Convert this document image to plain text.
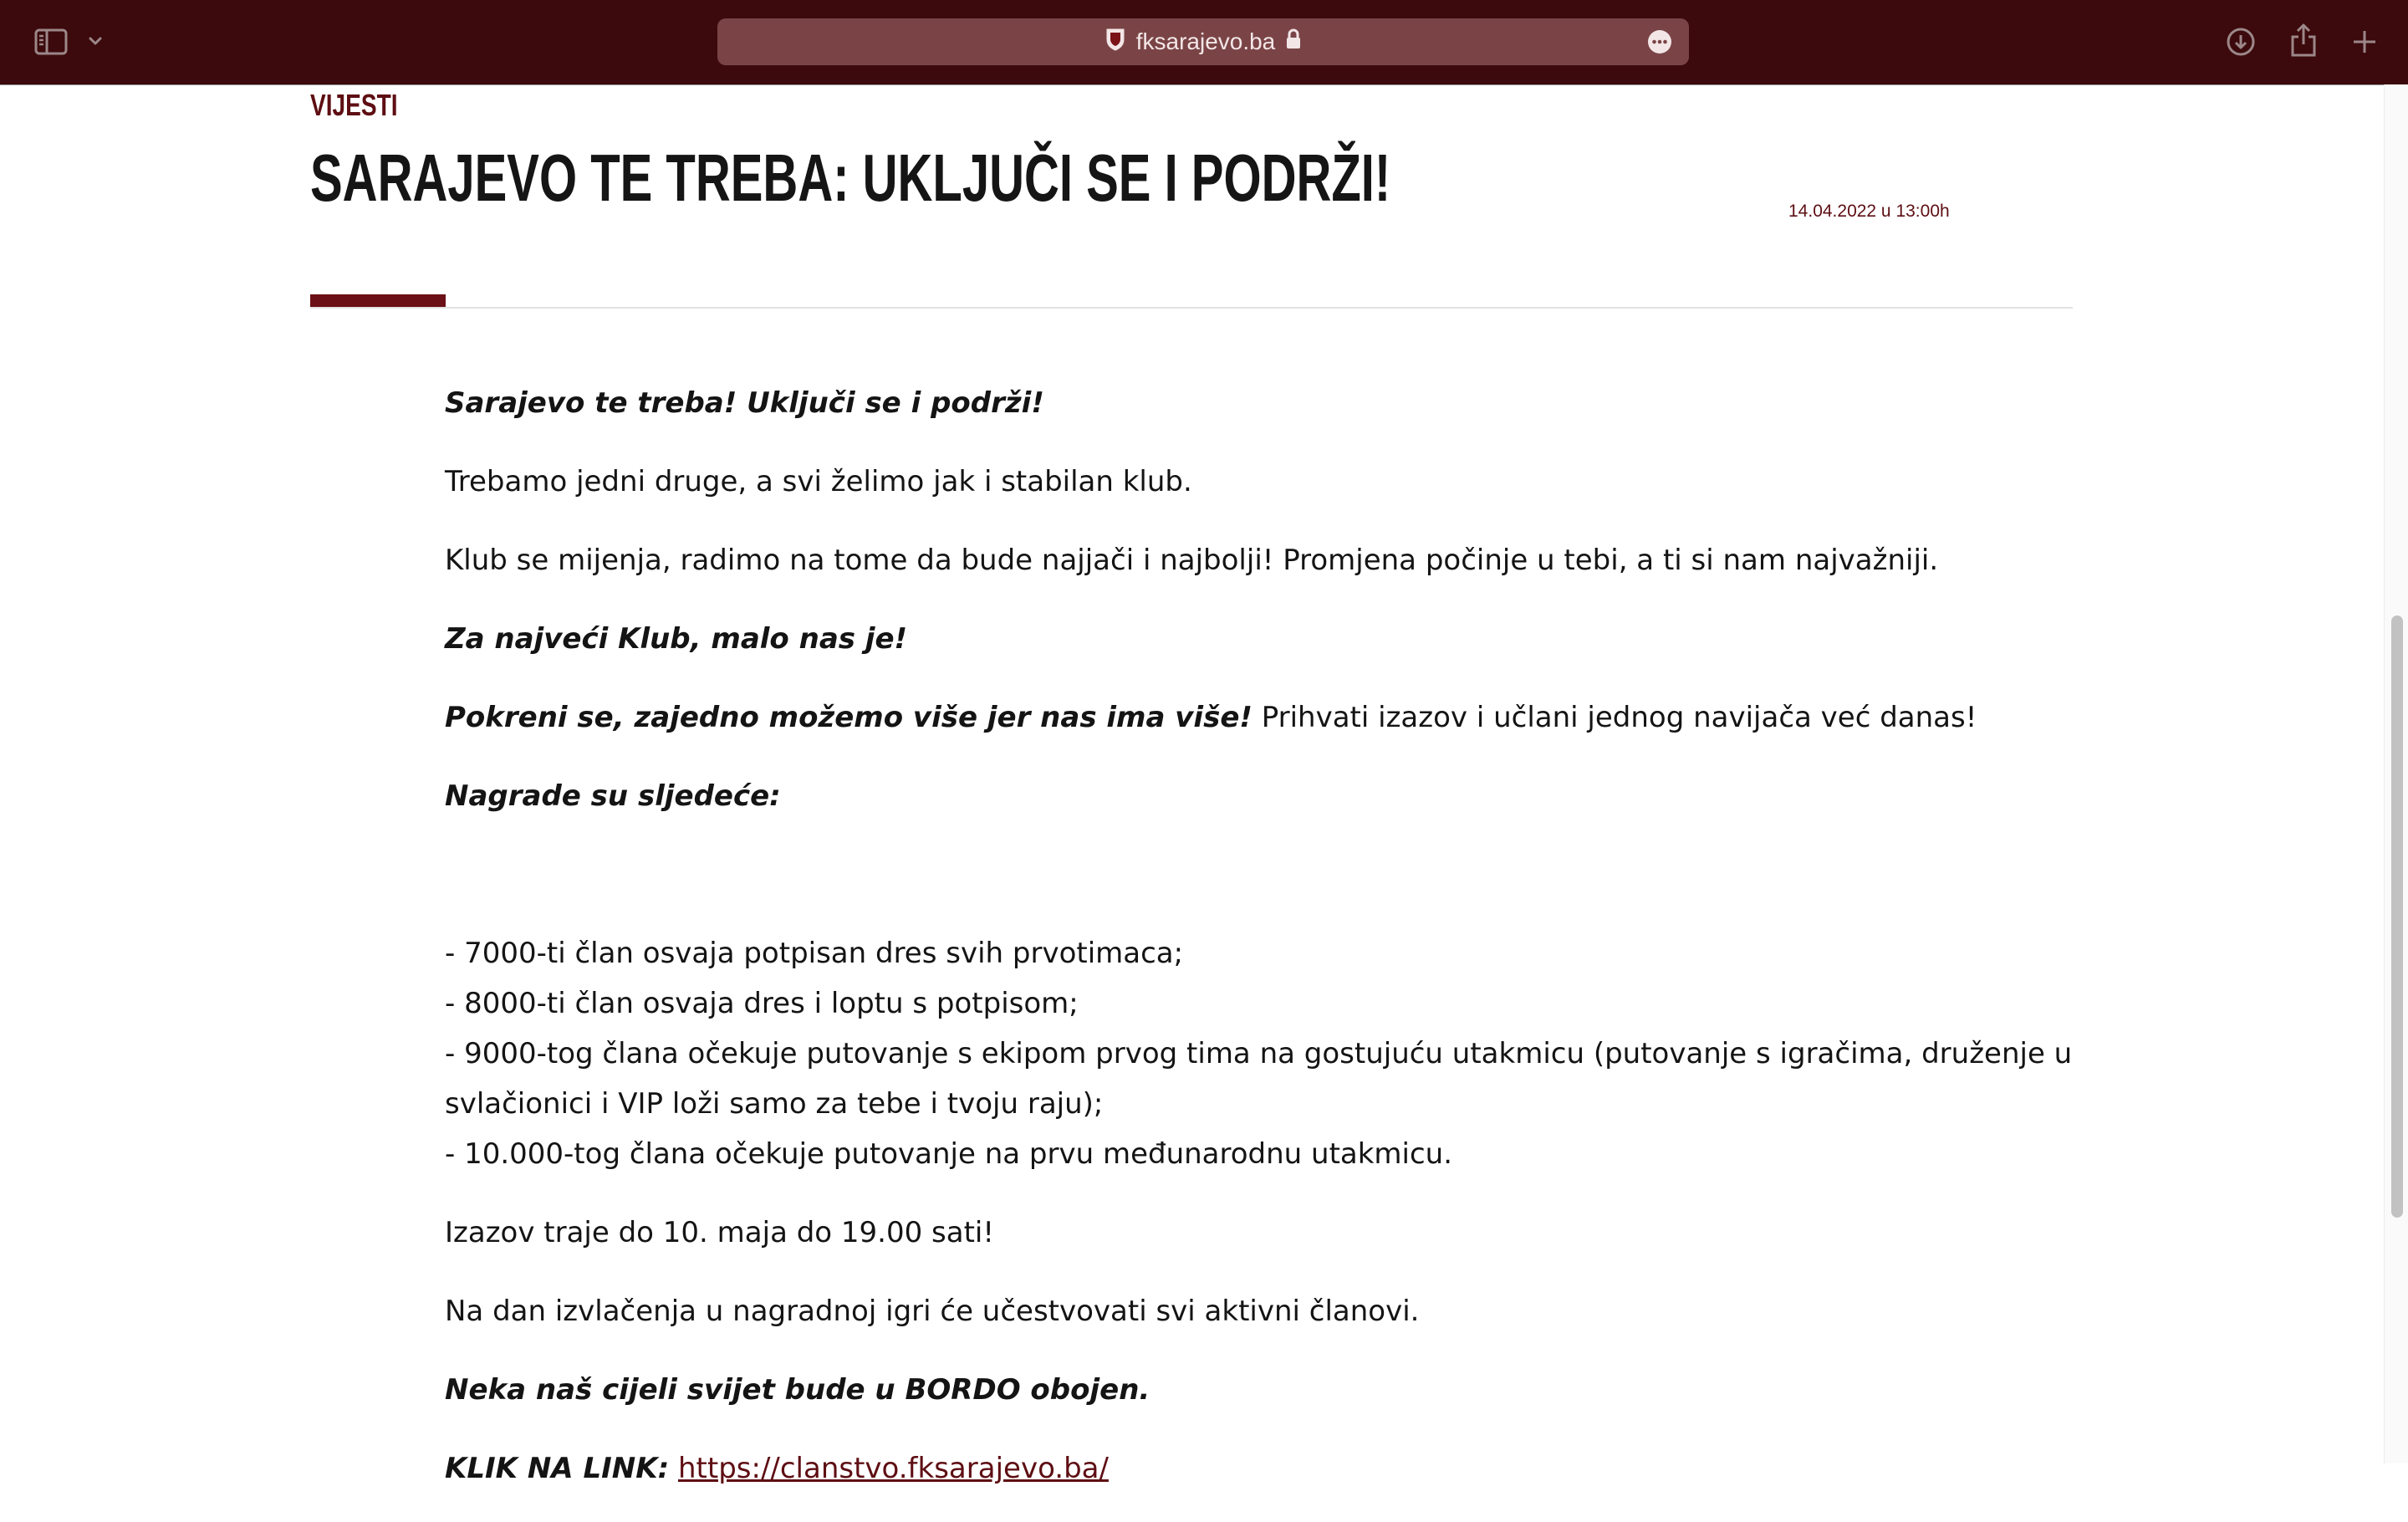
fksarajevo.ba
VIJESTI
SARAJEVO TE TREBA: UKLJUČI SE I PODRŽI!	14.04.2022 u 13:00h

Sarajevo te treba! Uključi se i podrži!

Trebamo jedni druge, a svi želimo jak i stabilan klub.

Klub se mijenja, radimo na tome da bude najjači i najbolji! Promjena počinje u tebi, a ti si nam najvažniji.

Za najveći Klub, malo nas je!

Pokreni se, zajedno možemo više jer nas ima više! Prihvati izazov i učlani jednog navijača već danas!

Nagrade su sljedeće:

- 7000-ti član osvaja potpisan dres svih prvotimaca;
- 8000-ti član osvaja dres i loptu s potpisom;
- 9000-tog člana očekuje putovanje s ekipom prvog tima na gostujuću utakmicu (putovanje s igračima, druženje u
svlačionici i VIP loži samo za tebe i tvoju raju);
- 10.000-tog člana očekuje putovanje na prvu međunarodnu utakmicu.

Izazov traje do 10. maja do 19.00 sati!

Na dan izvlačenja u nagradnoj igri će učestvovati svi aktivni članovi.

Neka naš cijeli svijet bude u BORDO obojen.

KLIK NA LINK: https://clanstvo.fksarajevo.ba/
